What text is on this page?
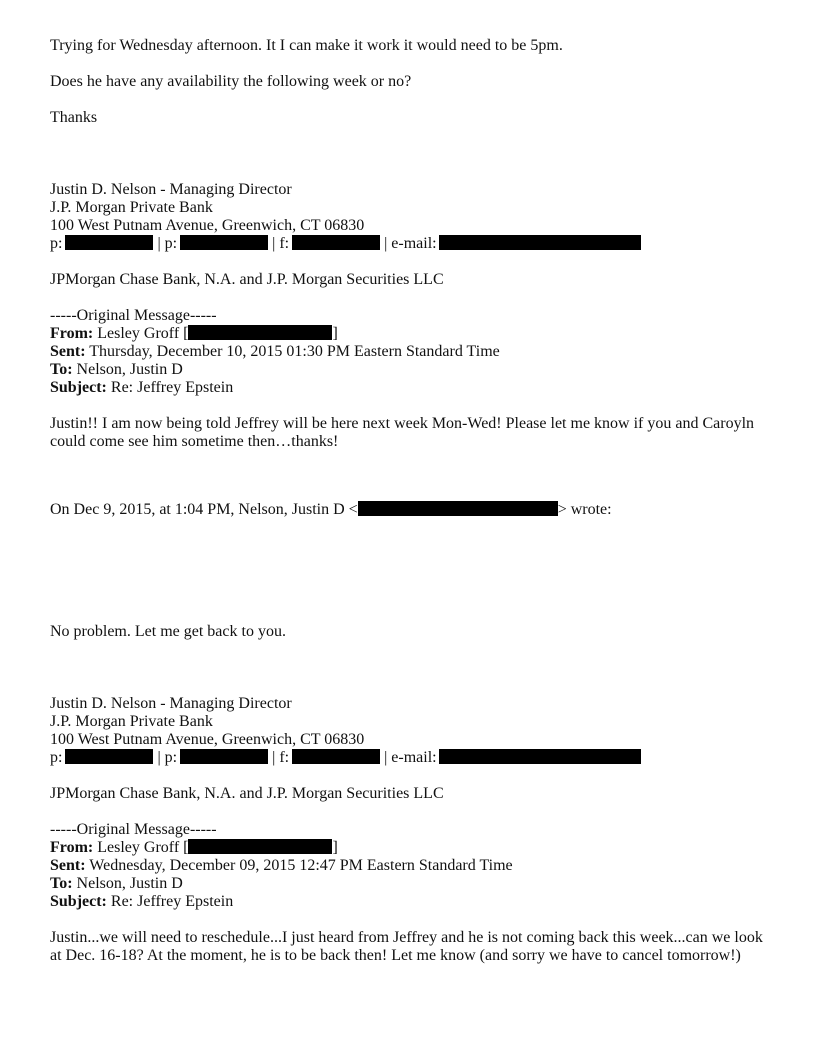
Trying for Wednesday afternoon. It I can make it work it would need to be 5pm.
Does he have any availability the following week or no?
Thanks
Justin D. Nelson - Managing Director
J.P. Morgan Private Bank
100 West Putnam Avenue, Greenwich, CT 06830
p:	| p:	| f:	| e-mail:
JPMorgan Chase Bank, N.A. and J.P. Morgan Securities LLC
-----Original Message-----
From: Lesley Groff [	]
Sent: Thursday, December 10, 2015 01:30 PM Eastern Standard Time
To: Nelson, Justin D
Subject: Re: Jeffrey Epstein
Justin!! I am now being told Jeffrey will be here next week Mon-Wed! Please let me know if you and Caroyln could come see him sometime then…thanks!
On Dec 9, 2015, at 1:04 PM, Nelson, Justin D <	> wrote:
No problem. Let me get back to you.
Justin D. Nelson - Managing Director
J.P. Morgan Private Bank
100 West Putnam Avenue, Greenwich, CT 06830
p:	| p:	| f:	| e-mail:
JPMorgan Chase Bank, N.A. and J.P. Morgan Securities LLC
-----Original Message-----
From: Lesley Groff [	]
Sent: Wednesday, December 09, 2015 12:47 PM Eastern Standard Time
To: Nelson, Justin D
Subject: Re: Jeffrey Epstein
Justin...we will need to reschedule...I just heard from Jeffrey and he is not coming back this week...can we look at Dec. 16-18? At the moment, he is to be back then! Let me know (and sorry we have to cancel tomorrow!)
